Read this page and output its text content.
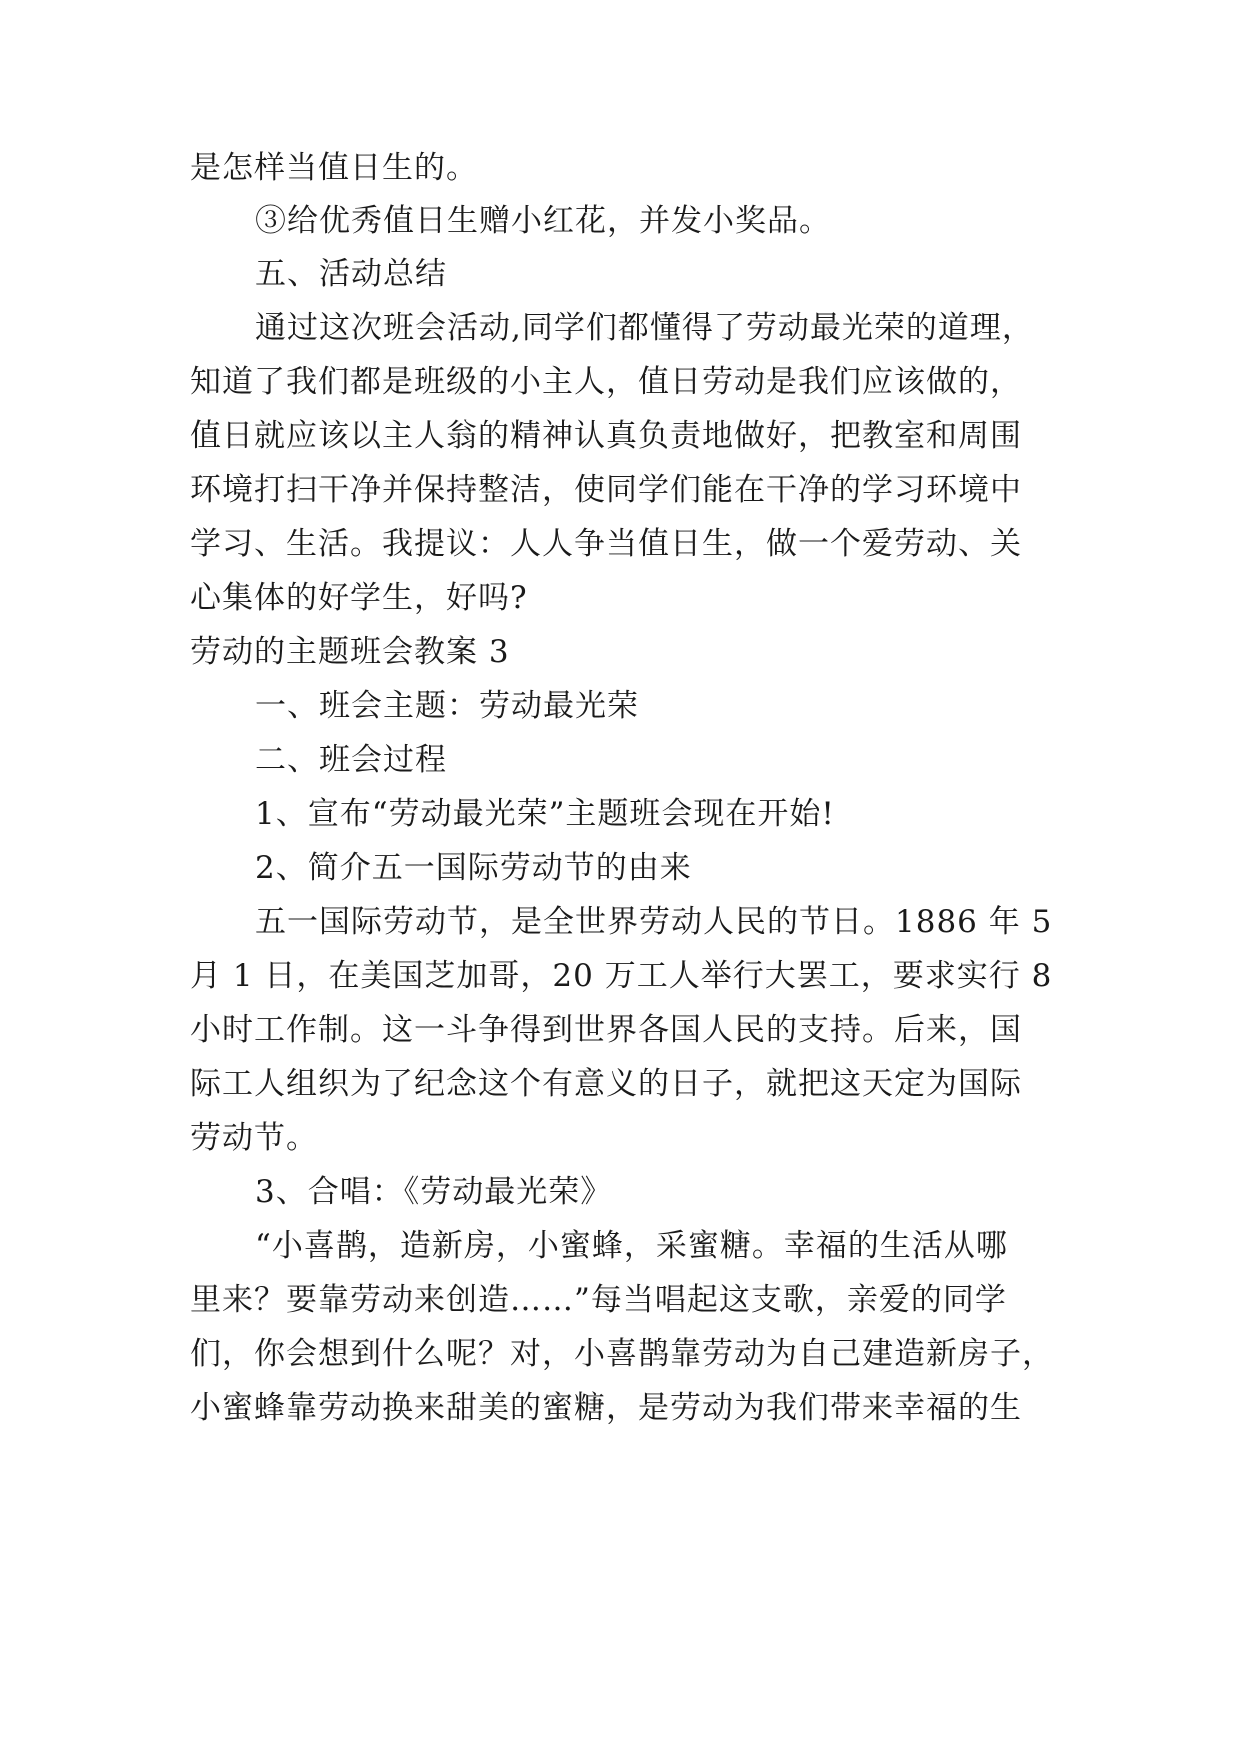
是怎样当值日生的。
③给优秀值日生赠小红花，并发小奖品。
五、活动总结
通过这次班会活动,同学们都懂得了劳动最光荣的道理，
知道了我们都是班级的小主人，值日劳动是我们应该做的，
值日就应该以主人翁的精神认真负责地做好，把教室和周围
环境打扫干净并保持整洁，使同学们能在干净的学习环境中
学习、生活。我提议：人人争当值日生，做一个爱劳动、关
心集体的好学生，好吗?
劳动的主题班会教案 3
一、班会主题：劳动最光荣
二、班会过程
1、宣布“劳动最光荣”主题班会现在开始!
2、简介五一国际劳动节的由来
五一国际劳动节，是全世界劳动人民的节日。1886 年 5
月 1 日，在美国芝加哥，20 万工人举行大罢工，要求实行 8
小时工作制。这一斗争得到世界各国人民的支持。后来，国
际工人组织为了纪念这个有意义的日子，就把这天定为国际
劳动节。
3、合唱：《劳动最光荣》
“小喜鹊，造新房，小蜜蜂，采蜜糖。幸福的生活从哪
里来？要靠劳动来创造……”每当唱起这支歌，亲爱的同学
们，你会想到什么呢？对，小喜鹊靠劳动为自己建造新房子，
小蜜蜂靠劳动换来甜美的蜜糖，是劳动为我们带来幸福的生
